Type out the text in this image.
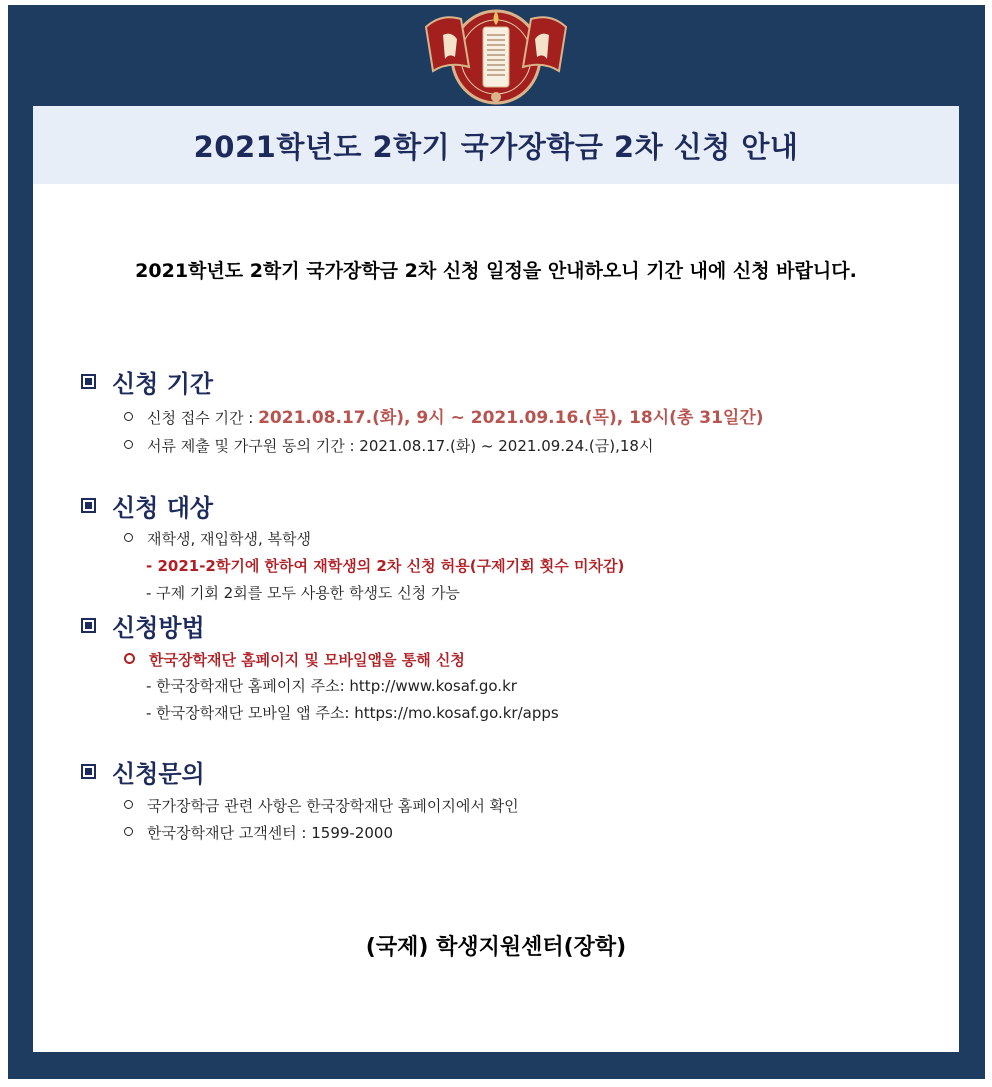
2021학년도 2학기 국가장학금 2차 신청 안내
2021학년도 2학기 국가장학금 2차 신청 일정을 안내하오니 기간 내에 신청 바랍니다.
신청 기간
신청 접수 기간 : 2021.08.17.(화), 9시 ~ 2021.09.16.(목), 18시(총 31일간)
서류 제출 및 가구원 동의 기간 : 2021.08.17.(화) ~ 2021.09.24.(금),18시
신청 대상
재학생, 재입학생, 복학생
- 2021-2학기에 한하여 재학생의 2차 신청 허용(구제기회 횟수 미차감)
- 구제 기회 2회를 모두 사용한 학생도 신청 가능
신청방법
한국장학재단 홈페이지 및 모바일앱을 통해 신청
- 한국장학재단 홈페이지 주소: http://www.kosaf.go.kr
- 한국장학재단 모바일 앱 주소: https://mo.kosaf.go.kr/apps
신청문의
국가장학금 관련 사항은 한국장학재단 홈페이지에서 확인
한국장학재단 고객센터 : 1599-2000
(국제) 학생지원센터(장학)
